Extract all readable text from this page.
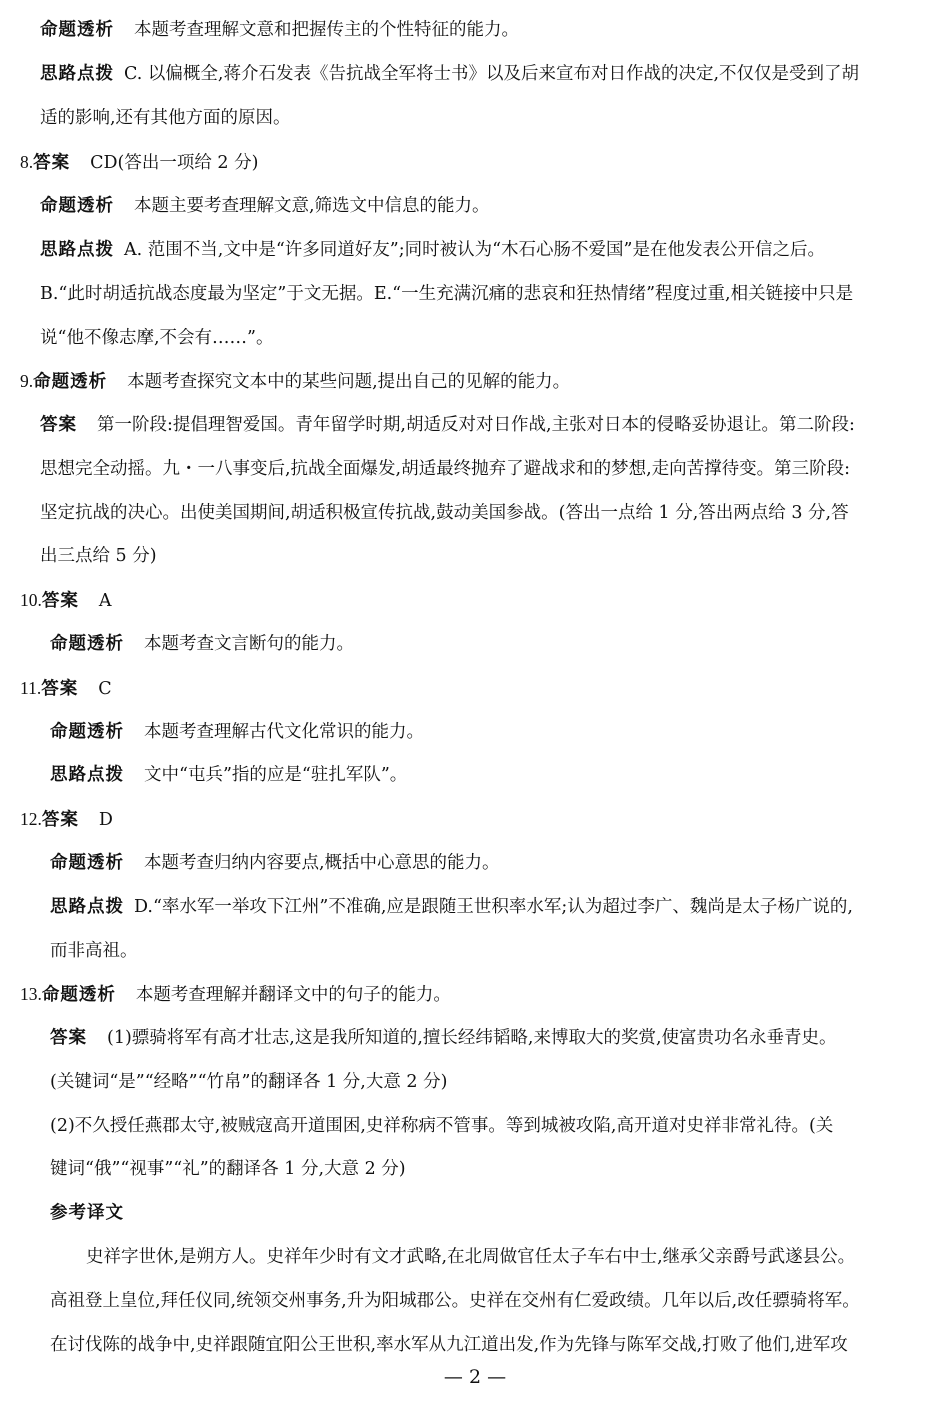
命题透析 本题考查理解文意和把握传主的个性特征的能力。
思路点拨 C. 以偏概全,蒋介石发表《告抗战全军将士书》以及后来宣布对日作战的决定,不仅仅是受到了胡
适的影响,还有其他方面的原因。
8.答案 CD(答出一项给 2 分)
命题透析 本题主要考查理解文意,筛选文中信息的能力。
思路点拨 A. 范围不当,文中是“许多同道好友”;同时被认为“木石心肠不爱国”是在他发表公开信之后。
B.“此时胡适抗战态度最为坚定”于文无据。E.“一生充满沉痛的悲哀和狂热情绪”程度过重,相关链接中只是
说“他不像志摩,不会有……”。
9.命题透析 本题考查探究文本中的某些问题,提出自己的见解的能力。
答案 第一阶段:提倡理智爱国。青年留学时期,胡适反对对日作战,主张对日本的侵略妥协退让。第二阶段:
思想完全动摇。九・一八事变后,抗战全面爆发,胡适最终抛弃了避战求和的梦想,走向苦撑待变。第三阶段:
坚定抗战的决心。出使美国期间,胡适积极宣传抗战,鼓动美国参战。(答出一点给 1 分,答出两点给 3 分,答
出三点给 5 分)
10.答案 A
命题透析 本题考查文言断句的能力。
11.答案 C
命题透析 本题考查理解古代文化常识的能力。
思路点拨 文中“屯兵”指的应是“驻扎军队”。
12.答案 D
命题透析 本题考查归纳内容要点,概括中心意思的能力。
思路点拨 D.“率水军一举攻下江州”不准确,应是跟随王世积率水军;认为超过李广、魏尚是太子杨广说的,
而非高祖。
13.命题透析 本题考查理解并翻译文中的句子的能力。
答案 (1)骠骑将军有高才壮志,这是我所知道的,擅长经纬韬略,来博取大的奖赏,使富贵功名永垂青史。
(关键词“是”“经略”“竹帛”的翻译各 1 分,大意 2 分)
(2)不久授任燕郡太守,被贼寇高开道围困,史祥称病不管事。等到城被攻陷,高开道对史祥非常礼待。(关
键词“俄”“视事”“礼”的翻译各 1 分,大意 2 分)
参考译文
史祥字世休,是朔方人。史祥年少时有文才武略,在北周做官任太子车右中士,继承父亲爵号武遂县公。
高祖登上皇位,拜任仪同,统领交州事务,升为阳城郡公。史祥在交州有仁爱政绩。几年以后,改任骠骑将军。
在讨伐陈的战争中,史祥跟随宜阳公王世积,率水军从九江道出发,作为先锋与陈军交战,打败了他们,进军攻
— 2 —
